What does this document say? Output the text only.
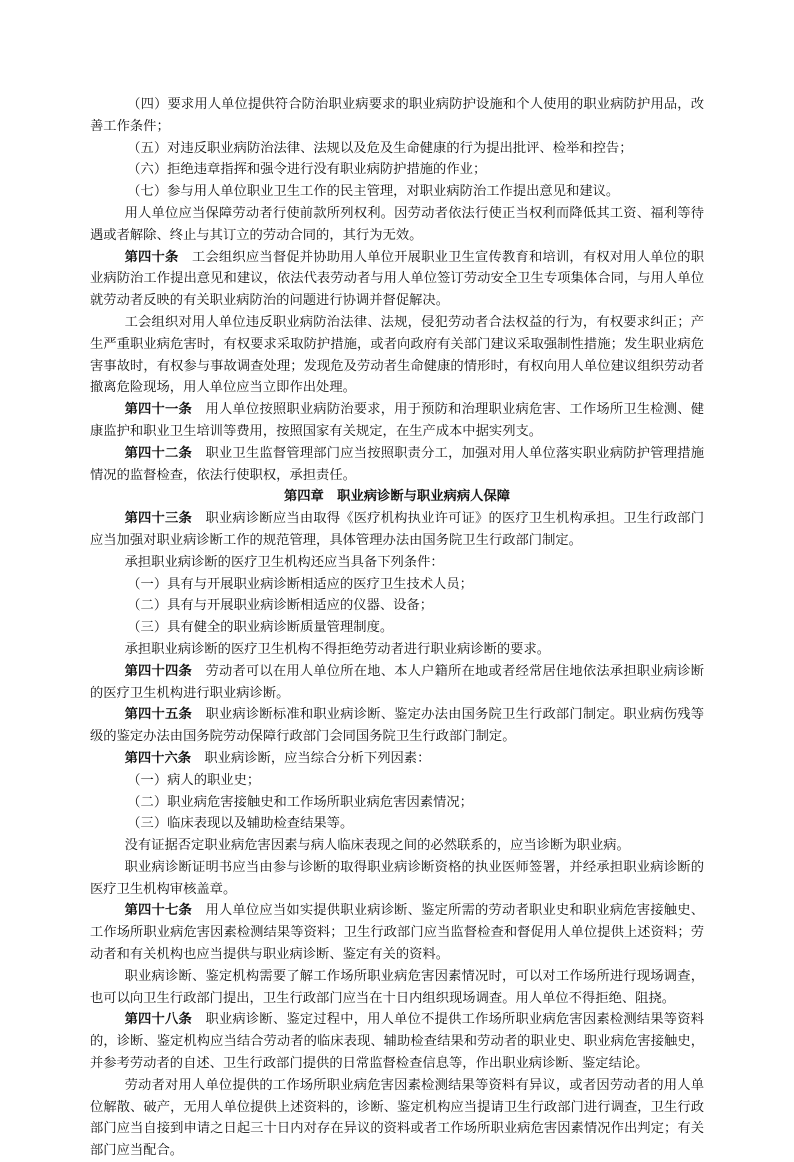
（四）要求用人单位提供符合防治职业病要求的职业病防护设施和个人使用的职业病防护用品，改善工作条件；

（五）对违反职业病防治法律、法规以及危及生命健康的行为提出批评、检举和控告；

（六）拒绝违章指挥和强令进行没有职业病防护措施的作业；

（七）参与用人单位职业卫生工作的民主管理，对职业病防治工作提出意见和建议。

用人单位应当保障劳动者行使前款所列权利。因劳动者依法行使正当权利而降低其工资、福利等待遇或者解除、终止与其订立的劳动合同的，其行为无效。

第四十条　工会组织应当督促并协助用人单位开展职业卫生宣传教育和培训，有权对用人单位的职业病防治工作提出意见和建议，依法代表劳动者与用人单位签订劳动安全卫生专项集体合同，与用人单位就劳动者反映的有关职业病防治的问题进行协调并督促解决。

工会组织对用人单位违反职业病防治法律、法规，侵犯劳动者合法权益的行为，有权要求纠正；产生严重职业病危害时，有权要求采取防护措施，或者向政府有关部门建议采取强制性措施；发生职业病危害事故时，有权参与事故调查处理；发现危及劳动者生命健康的情形时，有权向用人单位建议组织劳动者撤离危险现场，用人单位应当立即作出处理。

第四十一条　用人单位按照职业病防治要求，用于预防和治理职业病危害、工作场所卫生检测、健康监护和职业卫生培训等费用，按照国家有关规定，在生产成本中据实列支。

第四十二条　职业卫生监督管理部门应当按照职责分工，加强对用人单位落实职业病防护管理措施情况的监督检查，依法行使职权，承担责任。

第四章　职业病诊断与职业病病人保障

第四十三条　职业病诊断应当由取得《医疗机构执业许可证》的医疗卫生机构承担。卫生行政部门应当加强对职业病诊断工作的规范管理，具体管理办法由国务院卫生行政部门制定。

承担职业病诊断的医疗卫生机构还应当具备下列条件：

（一）具有与开展职业病诊断相适应的医疗卫生技术人员；

（二）具有与开展职业病诊断相适应的仪器、设备；

（三）具有健全的职业病诊断质量管理制度。

承担职业病诊断的医疗卫生机构不得拒绝劳动者进行职业病诊断的要求。

第四十四条　劳动者可以在用人单位所在地、本人户籍所在地或者经常居住地依法承担职业病诊断的医疗卫生机构进行职业病诊断。

第四十五条　职业病诊断标准和职业病诊断、鉴定办法由国务院卫生行政部门制定。职业病伤残等级的鉴定办法由国务院劳动保障行政部门会同国务院卫生行政部门制定。

第四十六条　职业病诊断，应当综合分析下列因素：

（一）病人的职业史；

（二）职业病危害接触史和工作场所职业病危害因素情况；

（三）临床表现以及辅助检查结果等。

没有证据否定职业病危害因素与病人临床表现之间的必然联系的，应当诊断为职业病。

职业病诊断证明书应当由参与诊断的取得职业病诊断资格的执业医师签署，并经承担职业病诊断的医疗卫生机构审核盖章。

第四十七条　用人单位应当如实提供职业病诊断、鉴定所需的劳动者职业史和职业病危害接触史、工作场所职业病危害因素检测结果等资料；卫生行政部门应当监督检查和督促用人单位提供上述资料；劳动者和有关机构也应当提供与职业病诊断、鉴定有关的资料。

职业病诊断、鉴定机构需要了解工作场所职业病危害因素情况时，可以对工作场所进行现场调查，也可以向卫生行政部门提出，卫生行政部门应当在十日内组织现场调查。用人单位不得拒绝、阻挠。

第四十八条　职业病诊断、鉴定过程中，用人单位不提供工作场所职业病危害因素检测结果等资料的，诊断、鉴定机构应当结合劳动者的临床表现、辅助检查结果和劳动者的职业史、职业病危害接触史，并参考劳动者的自述、卫生行政部门提供的日常监督检查信息等，作出职业病诊断、鉴定结论。

劳动者对用人单位提供的工作场所职业病危害因素检测结果等资料有异议，或者因劳动者的用人单位解散、破产，无用人单位提供上述资料的，诊断、鉴定机构应当提请卫生行政部门进行调查，卫生行政部门应当自接到申请之日起三十日内对存在异议的资料或者工作场所职业病危害因素情况作出判定；有关部门应当配合。
